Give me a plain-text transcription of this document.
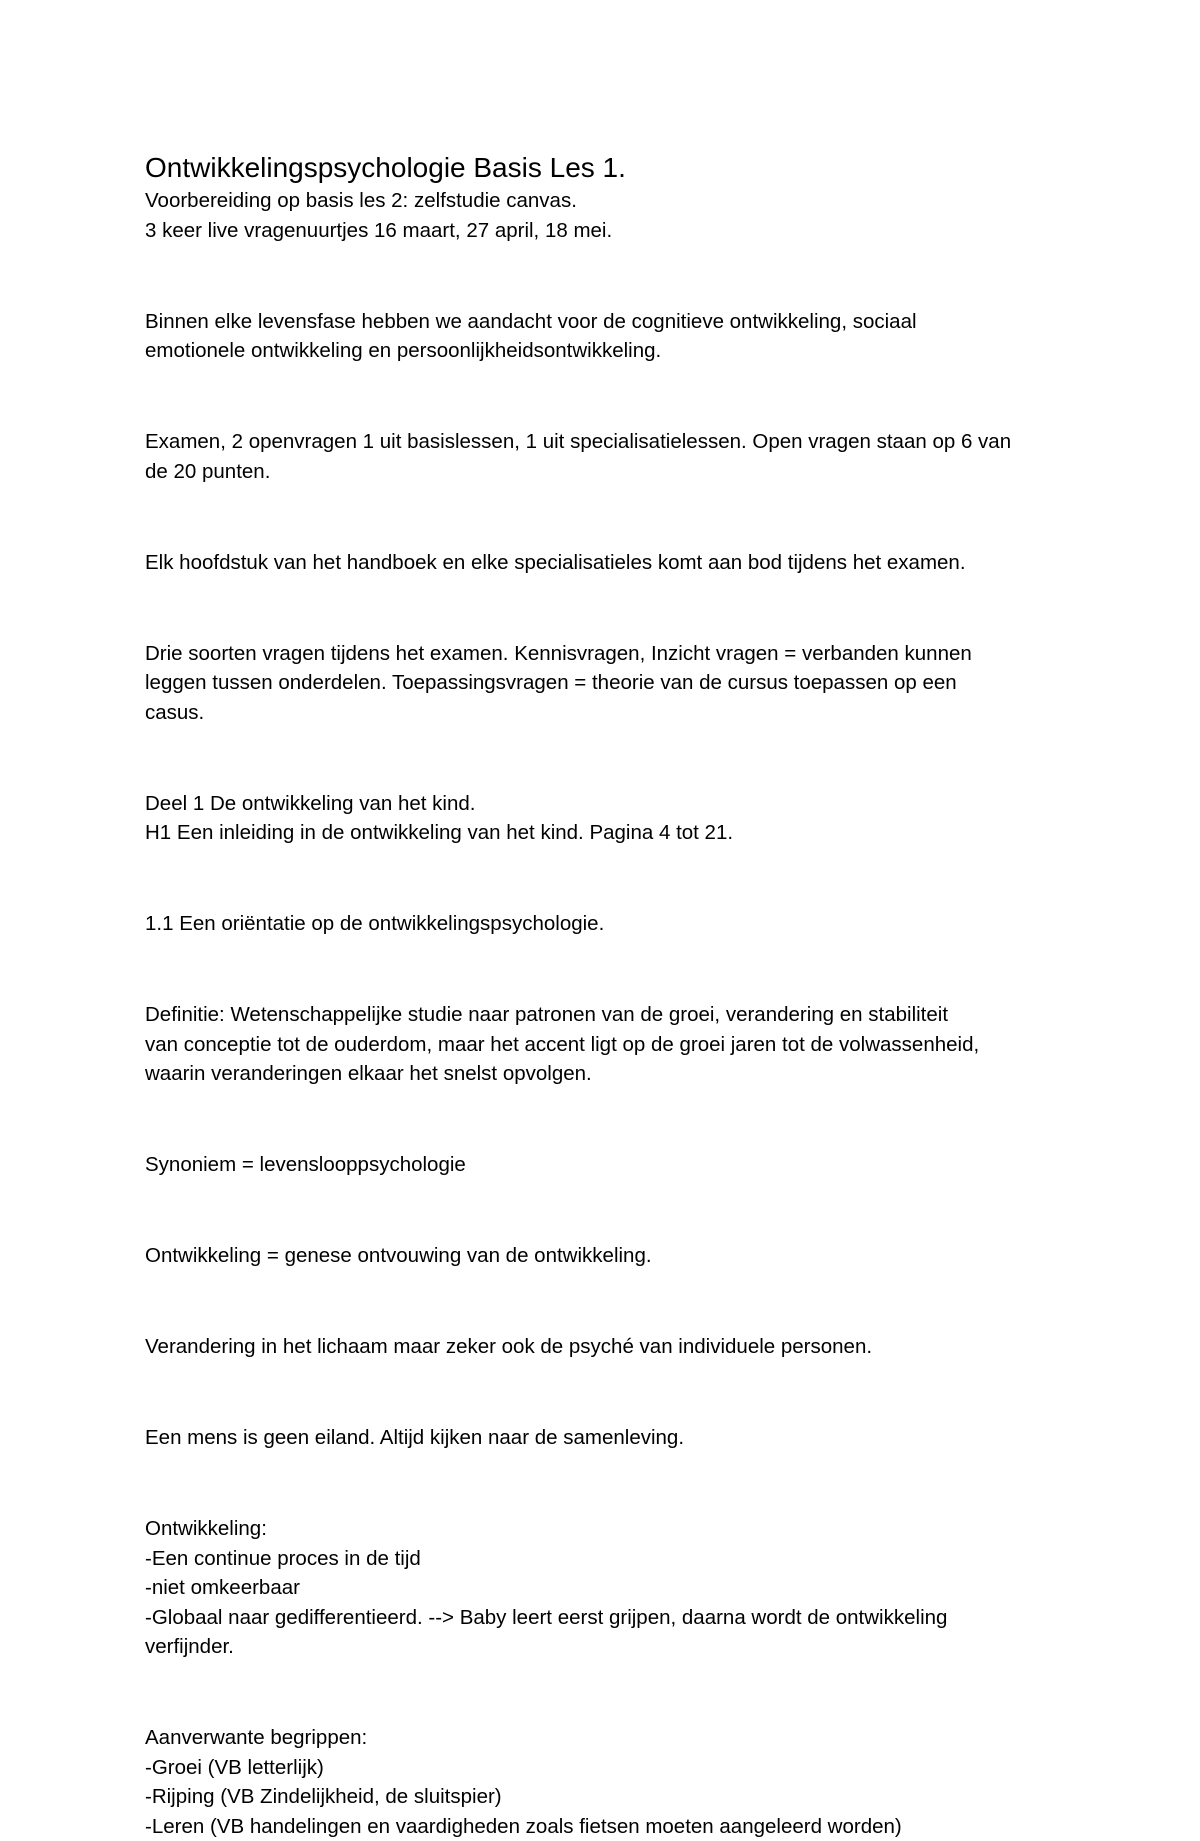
Ontwikkelingspsychologie Basis Les 1.

Voorbereiding op basis les 2: zelfstudie canvas.

3 keer live vragenuurtjes 16 maart, 27 april, 18 mei.

Binnen elke levensfase hebben we aandacht voor de cognitieve ontwikkeling, sociaal

emotionele ontwikkeling en persoonlijkheidsontwikkeling.

Examen, 2 openvragen 1 uit basislessen, 1 uit specialisatielessen. Open vragen staan op 6 van

de 20 punten.

Elk hoofdstuk van het handboek en elke specialisatieles komt aan bod tijdens het examen.

Drie soorten vragen tijdens het examen. Kennisvragen, Inzicht vragen = verbanden kunnen

leggen tussen onderdelen. Toepassingsvragen = theorie van de cursus toepassen op een

casus.

Deel 1 De ontwikkeling van het kind.

H1 Een inleiding in de ontwikkeling van het kind. Pagina 4 tot 21.

1.1 Een oriëntatie op de ontwikkelingspsychologie.

Definitie: Wetenschappelijke studie naar patronen van de groei, verandering en stabiliteit

van conceptie tot de ouderdom, maar het accent ligt op de groei jaren tot de volwassenheid,

waarin veranderingen elkaar het snelst opvolgen.

Synoniem = levenslooppsychologie

Ontwikkeling = genese ontvouwing van de ontwikkeling.

Verandering in het lichaam maar zeker ook de psyché van individuele personen.

Een mens is geen eiland. Altijd kijken naar de samenleving.

Ontwikkeling:

-Een continue proces in de tijd

-niet omkeerbaar

-Globaal naar gedifferentieerd. --> Baby leert eerst grijpen, daarna wordt de ontwikkeling

verfijnder.

Aanverwante begrippen:

-Groei (VB letterlijk)

-Rijping (VB Zindelijkheid, de sluitspier)

-Leren (VB handelingen en vaardigheden zoals fietsen moeten aangeleerd worden)
